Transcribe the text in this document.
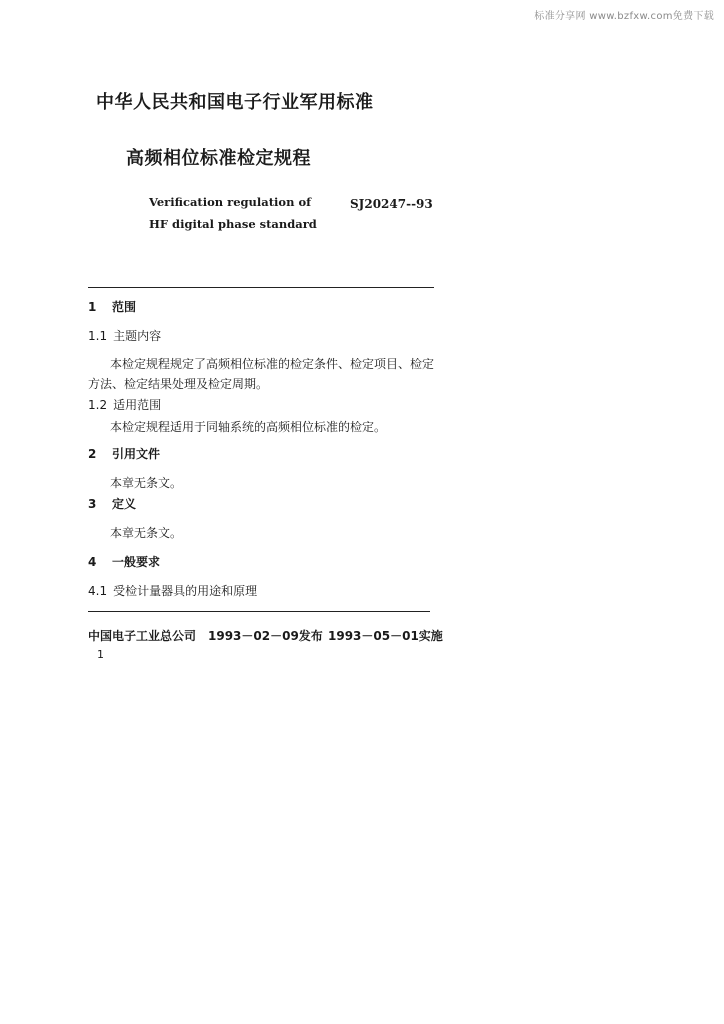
标准分享网 www.bzfxw.com免费下载
中华人民共和国电子行业军用标准
高频相位标准检定规程
Verification regulation of
HF digital phase standard
SJ20247--93
1 范围
1.1 主题内容
本检定规程规定了高频相位标准的检定条件、检定项目、检定
方法、检定结果处理及检定周期。
1.2 适用范围
本检定规程适用于同轴系统的高频相位标准的检定。
2 引用文件
本章无条文。
3 定义
本章无条文。
4 一般要求
4.1 受检计量器具的用途和原理
中国电子工业总公司 1993－02－09发布 1993－05－01实施
1
